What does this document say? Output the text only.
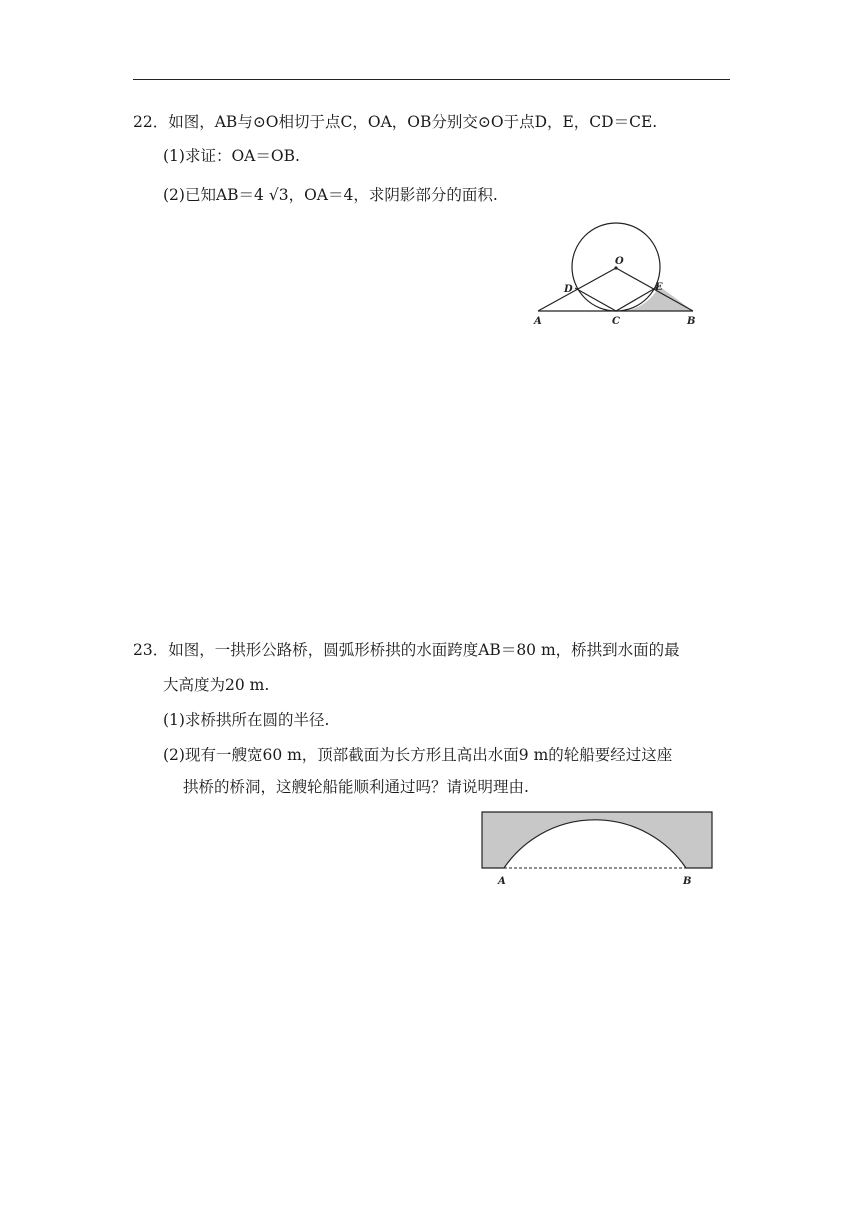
22．如图，AB与⊙O相切于点C，OA，OB分别交⊙O于点D，E，CD＝CE.
(1)求证：OA＝OB.
(2)已知AB＝4 √3，OA＝4，求阴影部分的面积.
O
D	E
A	C	B
23．如图，一拱形公路桥，圆弧形桥拱的水面跨度AB＝80 m，桥拱到水面的最
大高度为20 m.
(1)求桥拱所在圆的半径.
(2)现有一艘宽60 m，顶部截面为长方形且高出水面9 m的轮船要经过这座
拱桥的桥洞，这艘轮船能顺利通过吗？请说明理由.
A	B
